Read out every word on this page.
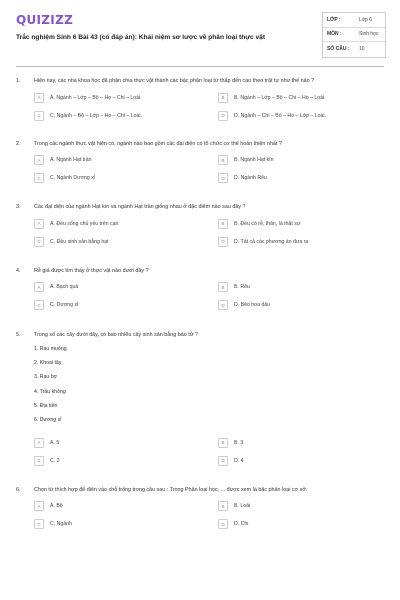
QUIZIZZ
Trắc nghiệm Sinh 6 Bài 43 (có đáp án): Khái niệm sơ lược về phân loại thực vật
LỚP :	Lớp 6
MÔN :	Sinh học
SỐ CÂU :	10
1.	Hiện nay, các nhà khoa học đã phân chia thực vật thành các bậc phân loại từ thấp đến cao theo trật tự như thế nào ?
A	A. Ngành – Lớp – Bộ – Họ – Chi – Loài.	B	B. Ngành – Lớp – Bộ – Chi – Họ – Loài.
C	C. Ngành – Bộ – Lớp – Họ – Chi – Loài.	D	D. Ngành – Chi – Bộ – Họ – Lớp – Loài.
2.	Trong các ngành thực vật hiện có, ngành nào bao gồm các đại diện có tổ chức cơ thể hoàn thiện nhất ?
A	A. Ngành Hạt trần	B	B. Ngành Hạt kín
C	C. Ngành Dương xỉ	D	D. Ngành Rêu
3.	Các đại diện của ngành Hạt kín và ngành Hạt trần giống nhau ở đặc điểm nào sau đây ?
A	A. Đều sống chủ yếu trên cạn	B	B. Đều có rễ, thân, lá thật sự
C	C. Đều sinh sản bằng hạt	D	D. Tất cả các phương án đưa ra
4.	Rễ giả được tìm thấy ở thực vật nào dưới đây ?
A	A. Bạch quả	B	B. Rêu
C	C. Dương xỉ	D	D. Bèo hoa dâu
5.	Trong số các cây dưới đây, có bao nhiêu cây sinh sản bằng bào tử ?
1. Rau muống
2. Khoai tây
3. Rau bợ
4. Trầu không
5. Địa tiền
6. Dương xỉ
A	A. 5	B	B. 3
C	C. 2	D	D. 4
6.	Chọn từ thích hợp để điền vào chỗ trống trong câu sau : Trong Phân loại học, ... được xem là bậc phân loại cơ sở.
A	A. Bộ	B	B. Loài
C	C. Ngành	D	D. Chi
